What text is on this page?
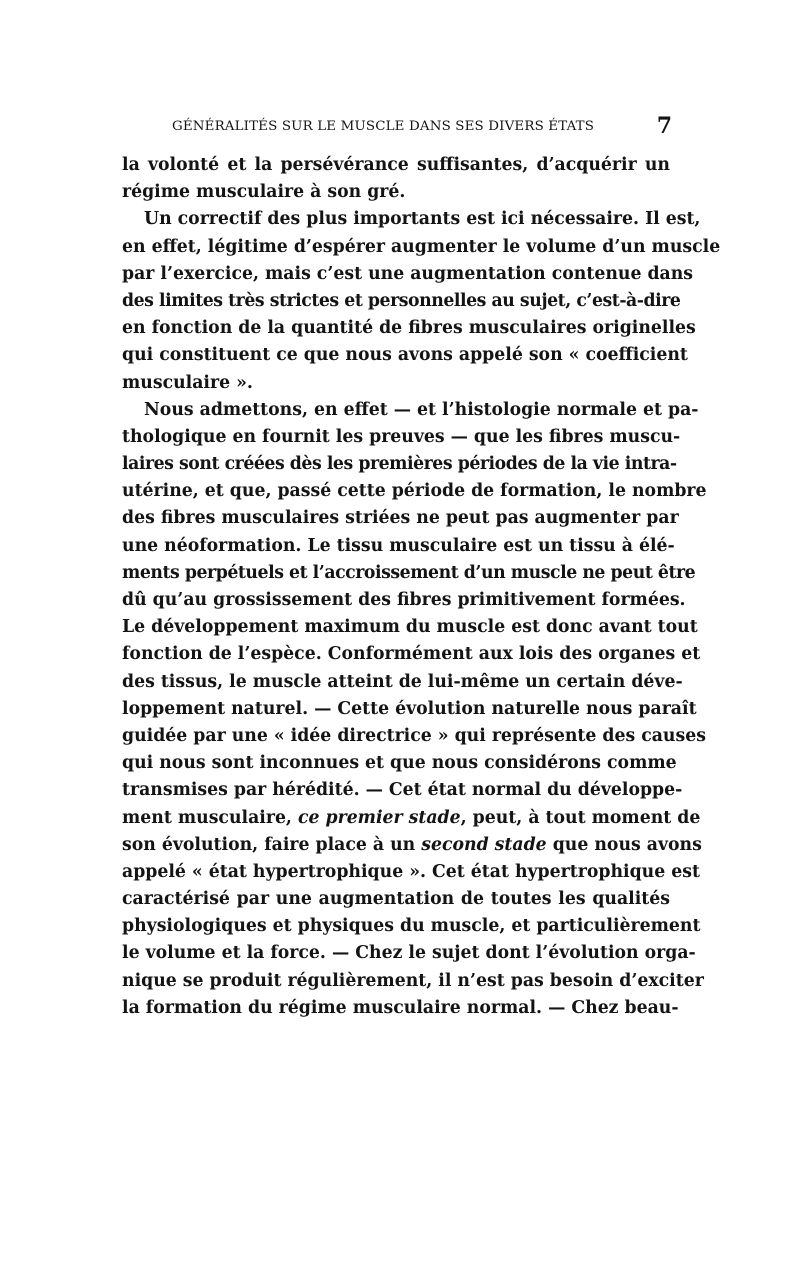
GÉNÉRALITÉS SUR LE MUSCLE DANS SES DIVERS ÉTATS	7
la volonté et la persévérance suffisantes, d’acquérir un
régime musculaire à son gré.
Un correctif des plus importants est ici nécessaire. Il est,
en effet, légitime d’espérer augmenter le volume d’un muscle
par l’exercice, mais c’est une augmentation contenue dans
des limites très strictes et personnelles au sujet, c’est-à-dire
en fonction de la quantité de fibres musculaires originelles
qui constituent ce que nous avons appelé son « coefficient
musculaire ».
Nous admettons, en effet — et l’histologie normale et pa-
thologique en fournit les preuves — que les fibres muscu-
laires sont créées dès les premières périodes de la vie intra-
utérine, et que, passé cette période de formation, le nombre
des fibres musculaires striées ne peut pas augmenter par
une néoformation. Le tissu musculaire est un tissu à élé-
ments perpétuels et l’accroissement d’un muscle ne peut être
dû qu’au grossissement des fibres primitivement formées.
Le développement maximum du muscle est donc avant tout
fonction de l’espèce. Conformément aux lois des organes et
des tissus, le muscle atteint de lui-même un certain déve-
loppement naturel. — Cette évolution naturelle nous paraît
guidée par une « idée directrice » qui représente des causes
qui nous sont inconnues et que nous considérons comme
transmises par hérédité. — Cet état normal du développe-
ment musculaire, ce premier stade, peut, à tout moment de
son évolution, faire place à un second stade que nous avons
appelé « état hypertrophique ». Cet état hypertrophique est
caractérisé par une augmentation de toutes les qualités
physiologiques et physiques du muscle, et particulièrement
le volume et la force. — Chez le sujet dont l’évolution orga-
nique se produit régulièrement, il n’est pas besoin d’exciter
la formation du régime musculaire normal. — Chez beau-
